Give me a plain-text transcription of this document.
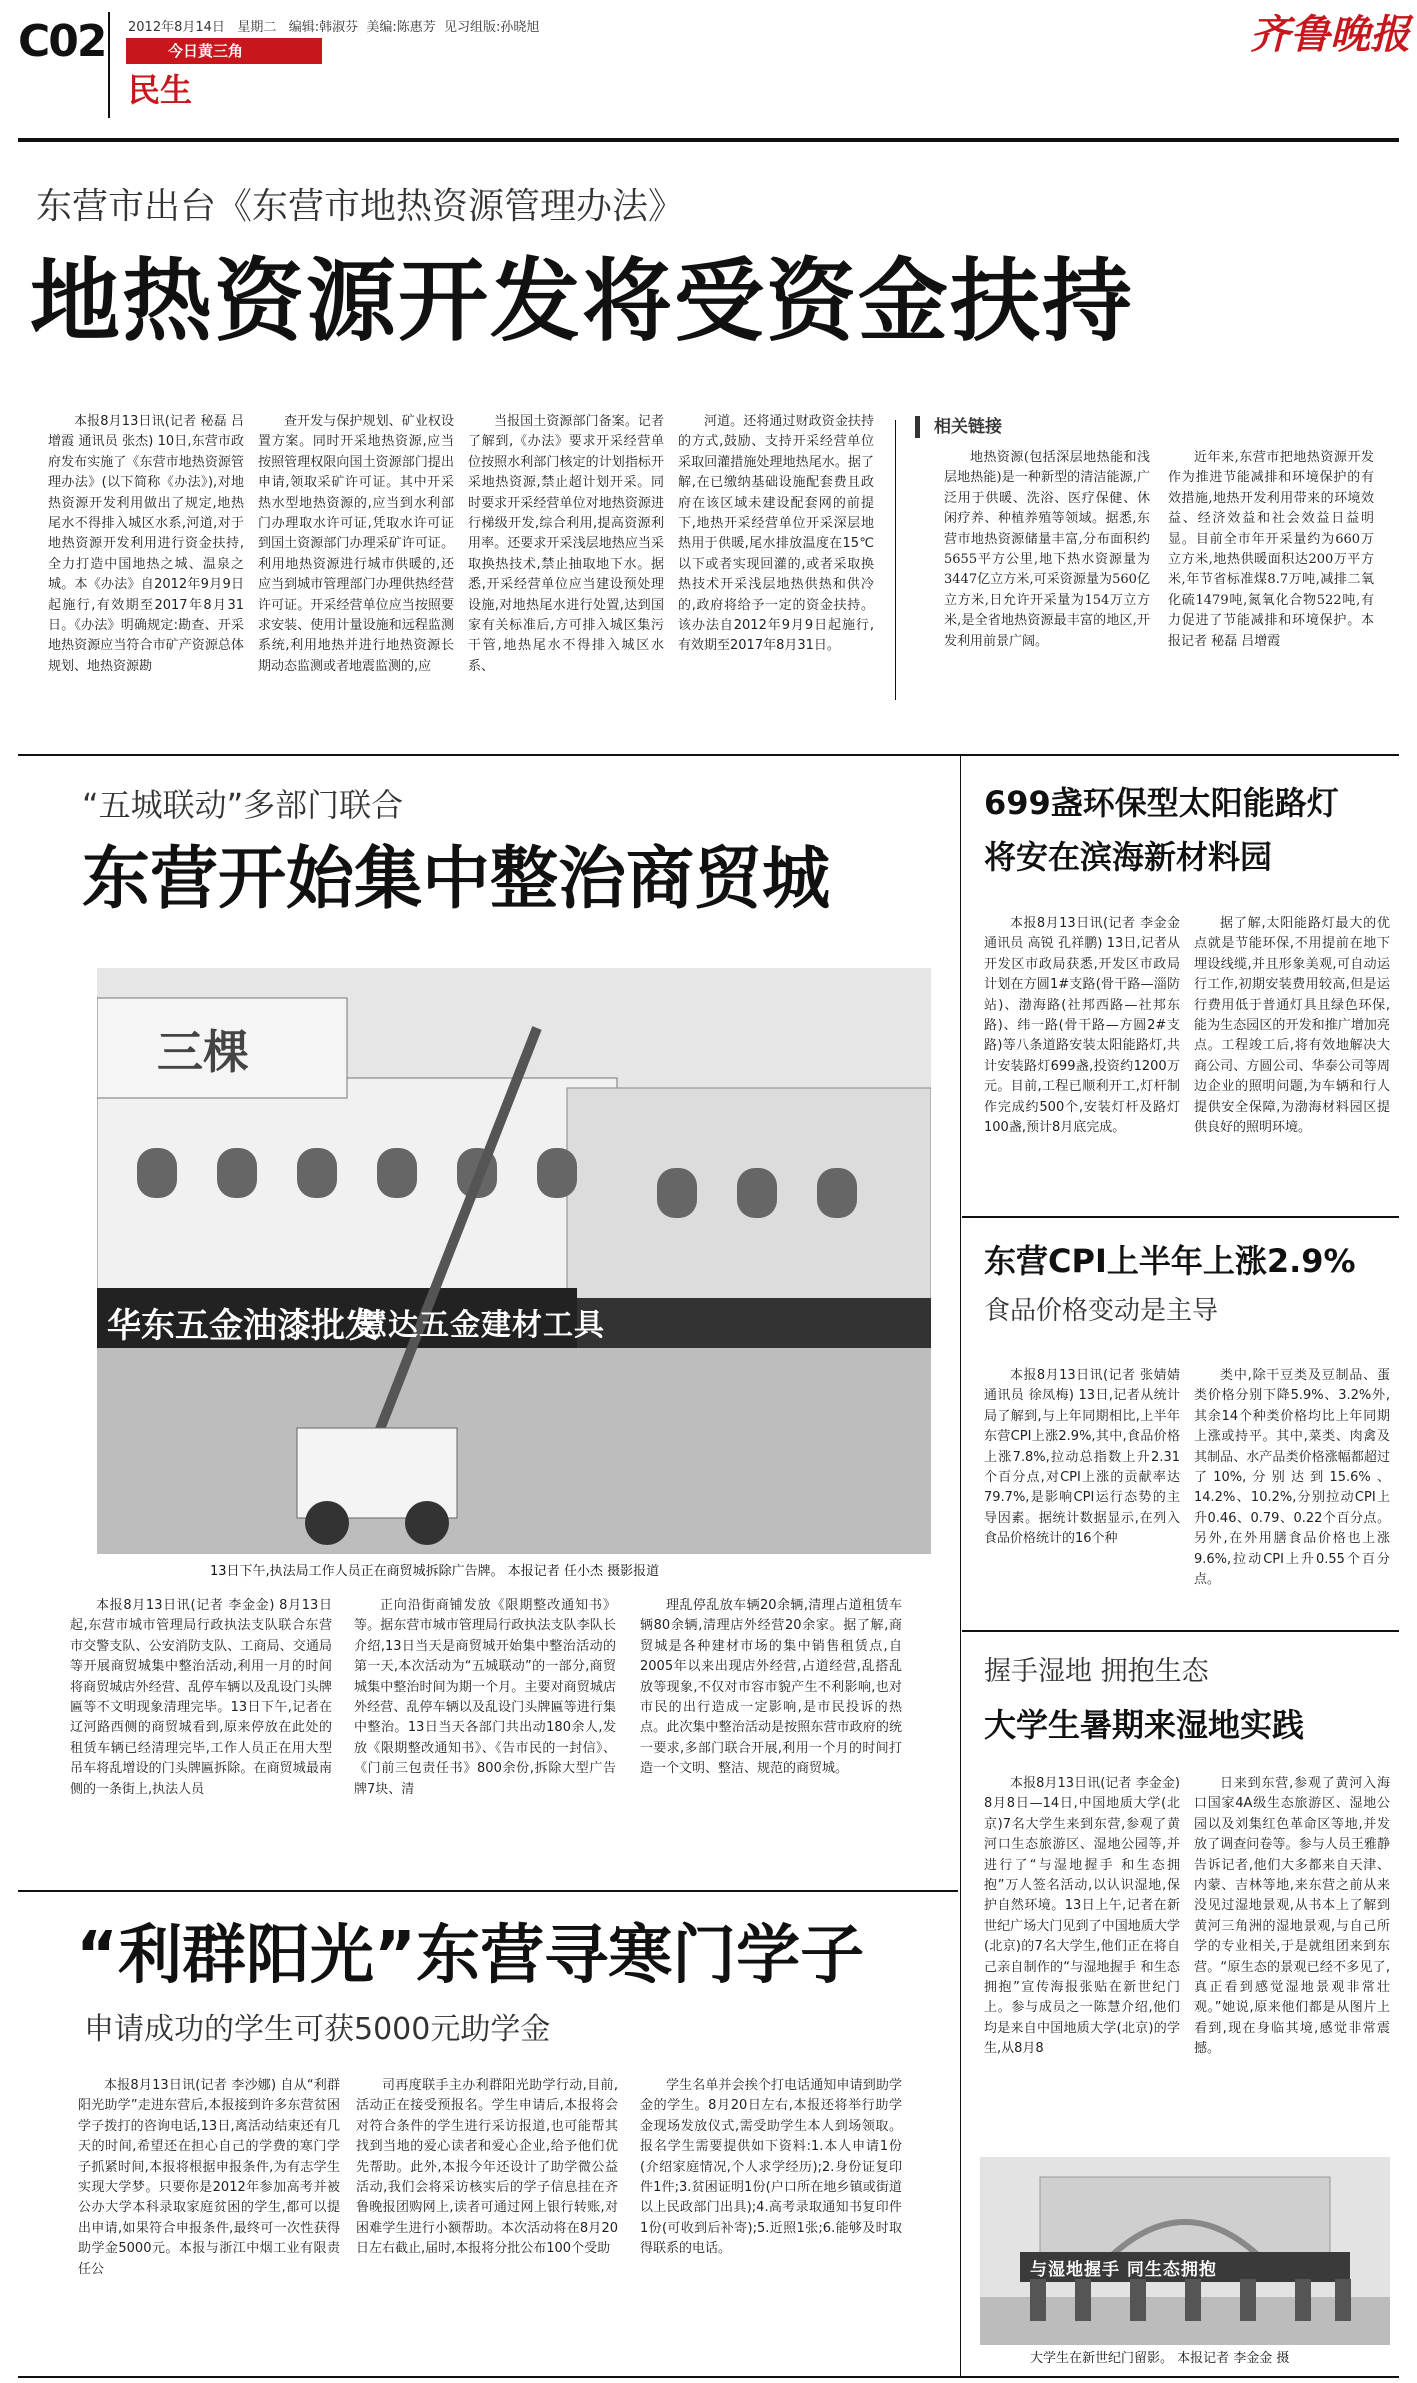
C02 2012年8月14日 星期二 编辑:韩淑芬 美编:陈惠芳 见习组版:孙晓旭
今日黄三角
民生
齐鲁晚报
东营市出台《东营市地热资源管理办法》
地热资源开发将受资金扶持

本报8月13日讯(记者 秘磊 吕增霞 通讯员 张杰) 10日,东营市政府发布实施了《东营市地热资源管理办法》(以下简称《办法》),对地热资源开发利用做出了规定,地热尾水不得排入城区水系,河道,对于地热资源开发利用进行资金扶持,全力打造中国地热之城、温泉之城。本《办法》自2012年9月9日起施行,有效期至2017年8月31日。《办法》明确规定:勘查、开采地热资源应当符合市矿产资源总体规划、地热资源勘

查开发与保护规划、矿业权设置方案。同时开采地热资源,应当按照管理权限向国土资源部门提出申请,领取采矿许可证。其中开采热水型地热资源的,应当到水利部门办理取水许可证,凭取水许可证到国土资源部门办理采矿许可证。利用地热资源进行城市供暖的,还应当到城市管理部门办理供热经营许可证。开采经营单位应当按照要求安装、使用计量设施和远程监测系统,利用地热并进行地热资源长期动态监测或者地震监测的,应

当报国土资源部门备案。记者了解到,《办法》要求开采经营单位按照水利部门核定的计划指标开采地热资源,禁止超计划开采。同时要求开采经营单位对地热资源进行梯级开发,综合利用,提高资源利用率。还要求开采浅层地热应当采取换热技术,禁止抽取地下水。据悉,开采经营单位应当建设预处理设施,对地热尾水进行处置,达到国家有关标准后,方可排入城区集污干管,地热尾水不得排入城区水系、

河道。还将通过财政资金扶持的方式,鼓励、支持开采经营单位采取回灌措施处理地热尾水。据了解,在已缴纳基础设施配套费且政府在该区域未建设配套网的前提下,地热开采经营单位开采深层地热用于供暖,尾水排放温度在15℃以下或者实现回灌的,或者采取换热技术开采浅层地热供热和供冷的,政府将给予一定的资金扶持。该办法自2012年9月9日起施行,有效期至2017年8月31日。

相关链接

地热资源(包括深层地热能和浅层地热能)是一种新型的清洁能源,广泛用于供暖、洗浴、医疗保健、休闲疗养、种植养殖等领域。据悉,东营市地热资源储量丰富,分布面积约5655平方公里,地下热水资源量为3447亿立方米,可采资源量为560亿立方米,日允许开采量为154万立方米,是全省地热资源最丰富的地区,开发利用前景广阔。

近年来,东营市把地热资源开发作为推进节能减排和环境保护的有效措施,地热开发利用带来的环境效益、经济效益和社会效益日益明显。目前全市年开采量约为660万立方米,地热供暖面积达200万平方米,年节省标准煤8.7万吨,减排二氧化硫1479吨,氮氧化合物522吨,有力促进了节能减排和环境保护。本报记者 秘磊 吕增霞

“五城联动”多部门联合
东营开始集中整治商贸城
三棵
华东五金油漆批发
慧达五金建材工具
13日下午,执法局工作人员正在商贸城拆除广告牌。 本报记者 任小杰 摄影报道

本报8月13日讯(记者 李金金) 8月13日起,东营市城市管理局行政执法支队联合东营市交警支队、公安消防支队、工商局、交通局等开展商贸城集中整治活动,利用一月的时间将商贸城店外经营、乱停车辆以及乱设门头牌匾等不文明现象清理完毕。13日下午,记者在辽河路西侧的商贸城看到,原来停放在此处的租赁车辆已经清理完毕,工作人员正在用大型吊车将乱增设的门头牌匾拆除。在商贸城最南侧的一条街上,执法人员

正向沿街商铺发放《限期整改通知书》等。据东营市城市管理局行政执法支队李队长介绍,13日当天是商贸城开始集中整治活动的第一天,本次活动为“五城联动”的一部分,商贸城集中整治时间为期一个月。主要对商贸城店外经营、乱停车辆以及乱设门头牌匾等进行集中整治。13日当天各部门共出动180余人,发放《限期整改通知书》、《告市民的一封信》、《门前三包责任书》800余份,拆除大型广告牌7块、清

理乱停乱放车辆20余辆,清理占道租赁车辆80余辆,清理店外经营20余家。据了解,商贸城是各种建材市场的集中销售租赁点,自2005年以来出现店外经营,占道经营,乱搭乱放等现象,不仅对市容市貌产生不利影响,也对市民的出行造成一定影响,是市民投诉的热点。此次集中整治活动是按照东营市政府的统一要求,多部门联合开展,利用一个月的时间打造一个文明、整洁、规范的商贸城。

“利群阳光”东营寻寒门学子
申请成功的学生可获5000元助学金

本报8月13日讯(记者 李沙娜) 自从“利群阳光助学”走进东营后,本报接到许多东营贫困学子拨打的咨询电话,13日,离活动结束还有几天的时间,希望还在担心自己的学费的寒门学子抓紧时间,本报将根据申报条件,为有志学生实现大学梦。只要你是2012年参加高考并被公办大学本科录取家庭贫困的学生,都可以提出申请,如果符合申报条件,最终可一次性获得助学金5000元。本报与浙江中烟工业有限责任公

司再度联手主办利群阳光助学行动,目前,活动正在接受预报名。学生申请后,本报将会对符合条件的学生进行采访报道,也可能帮其找到当地的爱心读者和爱心企业,给予他们优先帮助。此外,本报今年还设计了助学微公益活动,我们会将采访核实后的学子信息挂在齐鲁晚报团购网上,读者可通过网上银行转账,对困难学生进行小额帮助。本次活动将在8月20日左右截止,届时,本报将分批公布100个受助

学生名单并会挨个打电话通知申请到助学金的学生。8月20日左右,本报还将举行助学金现场发放仪式,需受助学生本人到场领取。报名学生需要提供如下资料:1.本人申请1份(介绍家庭情况,个人求学经历);2.身份证复印件1件;3.贫困证明1份(户口所在地乡镇或街道以上民政部门出具);4.高考录取通知书复印件1份(可收到后补寄);5.近照1张;6.能够及时取得联系的电话。

699盏环保型太阳能路灯
将安在滨海新材料园

本报8月13日讯(记者 李金金 通讯员 高锐 孔祥鹏) 13日,记者从开发区市政局获悉,开发区市政局计划在方圆1#支路(骨干路—淄防站)、渤海路(社邦西路—社邦东路)、纬一路(骨干路—方圆2#支路)等八条道路安装太阳能路灯,共计安装路灯699盏,投资约1200万元。目前,工程已顺利开工,灯杆制作完成约500个,安装灯杆及路灯100盏,预计8月底完成。

据了解,太阳能路灯最大的优点就是节能环保,不用提前在地下埋设线缆,并且形象美观,可自动运行工作,初期安装费用较高,但是运行费用低于普通灯具且绿色环保,能为生态园区的开发和推广增加亮点。工程竣工后,将有效地解决大商公司、方圆公司、华泰公司等周边企业的照明问题,为车辆和行人提供安全保障,为渤海材料园区提供良好的照明环境。

东营CPI上半年上涨2.9%
食品价格变动是主导

本报8月13日讯(记者 张婧婧 通讯员 徐凤梅) 13日,记者从统计局了解到,与上年同期相比,上半年东营CPI上涨2.9%,其中,食品价格上涨7.8%,拉动总指数上升2.31个百分点,对CPI上涨的贡献率达79.7%,是影响CPI运行态势的主导因素。据统计数据显示,在列入食品价格统计的16个种

类中,除干豆类及豆制品、蛋类价格分别下降5.9%、3.2%外,其余14个种类价格均比上年同期上涨或持平。其中,菜类、肉禽及其制品、水产品类价格涨幅都超过了10%,分别达到15.6%、14.2%、10.2%,分别拉动CPI上升0.46、0.79、0.22个百分点。另外,在外用膳食品价格也上涨9.6%,拉动CPI上升0.55个百分点。

握手湿地 拥抱生态
大学生暑期来湿地实践

本报8月13日讯(记者 李金金) 8月8日—14日,中国地质大学(北京)7名大学生来到东营,参观了黄河口生态旅游区、湿地公园等,并进行了“与湿地握手 和生态拥抱”万人签名活动,以认识湿地,保护自然环境。13日上午,记者在新世纪广场大门见到了中国地质大学(北京)的7名大学生,他们正在将自己亲自制作的“与湿地握手 和生态拥抱”宣传海报张贴在新世纪门上。参与成员之一陈慧介绍,他们均是来自中国地质大学(北京)的学生,从8月8

日来到东营,参观了黄河入海口国家4A级生态旅游区、湿地公园以及刘集红色革命区等地,并发放了调查问卷等。参与人员王雅静告诉记者,他们大多都来自天津、内蒙、吉林等地,来东营之前从来没见过湿地景观,从书本上了解到黄河三角洲的湿地景观,与自己所学的专业相关,于是就组团来到东营。“原生态的景观已经不多见了,真正看到感觉湿地景观非常壮观。”她说,原来他们都是从图片上看到,现在身临其境,感觉非常震撼。

与湿地握手 同生态拥抱
大学生在新世纪门留影。 本报记者 李金金 摄
